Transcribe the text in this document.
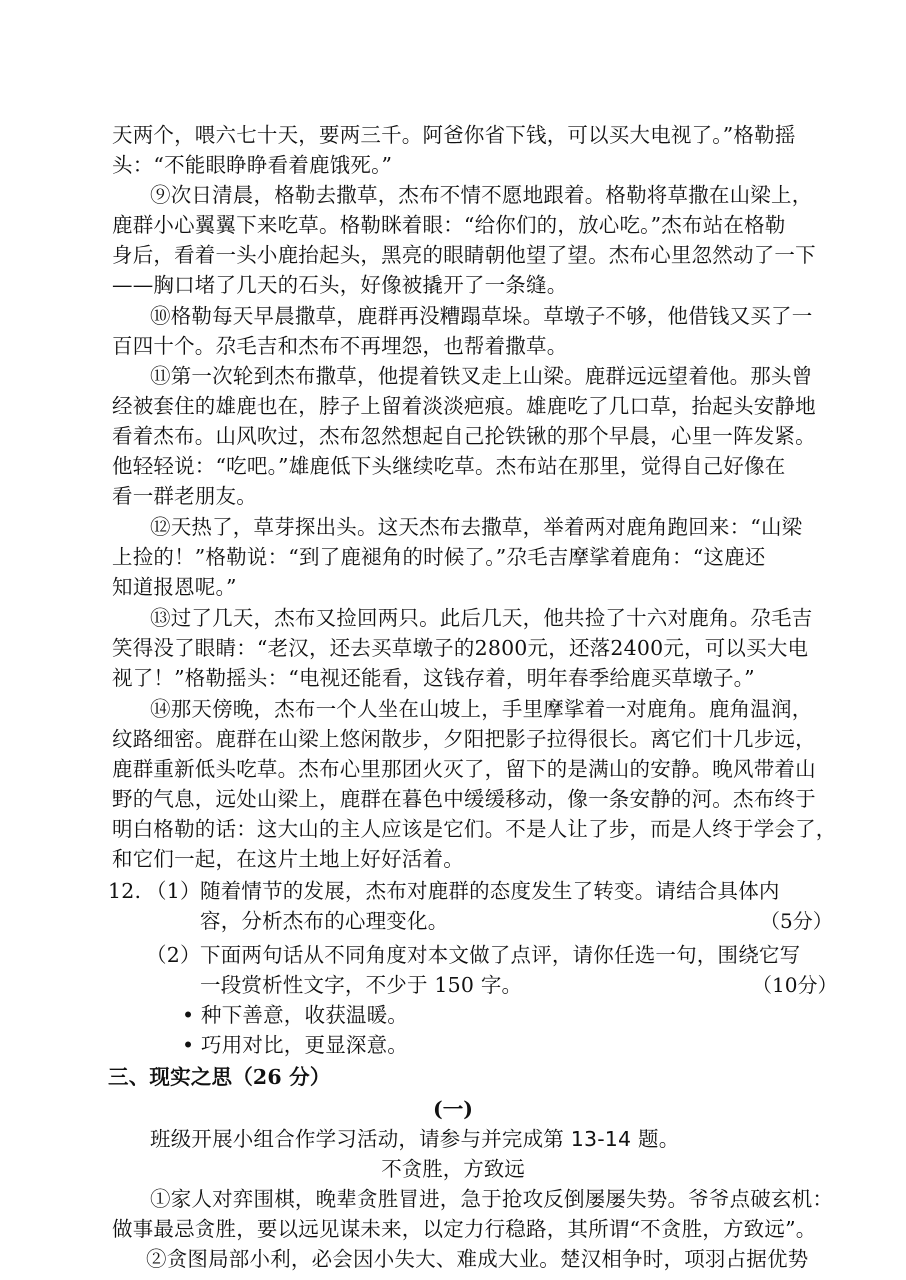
天两个，喂六七十天，要两三千。阿爸你省下钱，可以买大电视了。”格勒摇
头：“不能眼睁睁看着鹿饿死。”
⑨次日清晨，格勒去撒草，杰布不情不愿地跟着。格勒将草撒在山梁上，
鹿群小心翼翼下来吃草。格勒眯着眼：“给你们的，放心吃。”杰布站在格勒
身后，看着一头小鹿抬起头，黑亮的眼睛朝他望了望。杰布心里忽然动了一下
——胸口堵了几天的石头，好像被撬开了一条缝。
⑩格勒每天早晨撒草，鹿群再没糟蹋草垛。草墩子不够，他借钱又买了一
百四十个。尕毛吉和杰布不再埋怨，也帮着撒草。
⑪第一次轮到杰布撒草，他提着铁叉走上山梁。鹿群远远望着他。那头曾
经被套住的雄鹿也在，脖子上留着淡淡疤痕。雄鹿吃了几口草，抬起头安静地
看着杰布。山风吹过，杰布忽然想起自己抡铁锹的那个早晨，心里一阵发紧。
他轻轻说：“吃吧。”雄鹿低下头继续吃草。杰布站在那里，觉得自己好像在
看一群老朋友。
⑫天热了，草芽探出头。这天杰布去撒草，举着两对鹿角跑回来：“山梁
上捡的！”格勒说：“到了鹿褪角的时候了。”尕毛吉摩挲着鹿角：“这鹿还
知道报恩呢。”
⑬过了几天，杰布又捡回两只。此后几天，他共捡了十六对鹿角。尕毛吉
笑得没了眼睛：“老汉，还去买草墩子的2800元，还落2400元，可以买大电
视了！”格勒摇头：“电视还能看，这钱存着，明年春季给鹿买草墩子。”
⑭那天傍晚，杰布一个人坐在山坡上，手里摩挲着一对鹿角。鹿角温润，
纹路细密。鹿群在山梁上悠闲散步，夕阳把影子拉得很长。离它们十几步远，
鹿群重新低头吃草。杰布心里那团火灭了，留下的是满山的安静。晚风带着山
野的气息，远处山梁上，鹿群在暮色中缓缓移动，像一条安静的河。杰布终于
明白格勒的话：这大山的主人应该是它们。不是人让了步，而是人终于学会了，
和它们一起，在这片土地上好好活着。
12. （1） 随着情节的发展，杰布对鹿群的态度发生了转变。请结合具体内
容，分析杰布的心理变化。	（5分）
（2） 下面两句话从不同角度对本文做了点评，请你任选一句，围绕它写
一段赏析性文字，不少于 150 字。	（10分）
• 种下善意，收获温暖。
• 巧用对比，更显深意。
三、现实之思（26 分）
(一)
班级开展小组合作学习活动，请参与并完成第 13-14 题。
不贪胜，方致远
①家人对弈围棋，晚辈贪胜冒进，急于抢攻反倒屡屡失势。爷爷点破玄机：
做事最忌贪胜，要以远见谋未来，以定力行稳路，其所谓“不贪胜，方致远”。
②贪图局部小利，必会因小失大、难成大业。楚汉相争时，项羽占据优势
